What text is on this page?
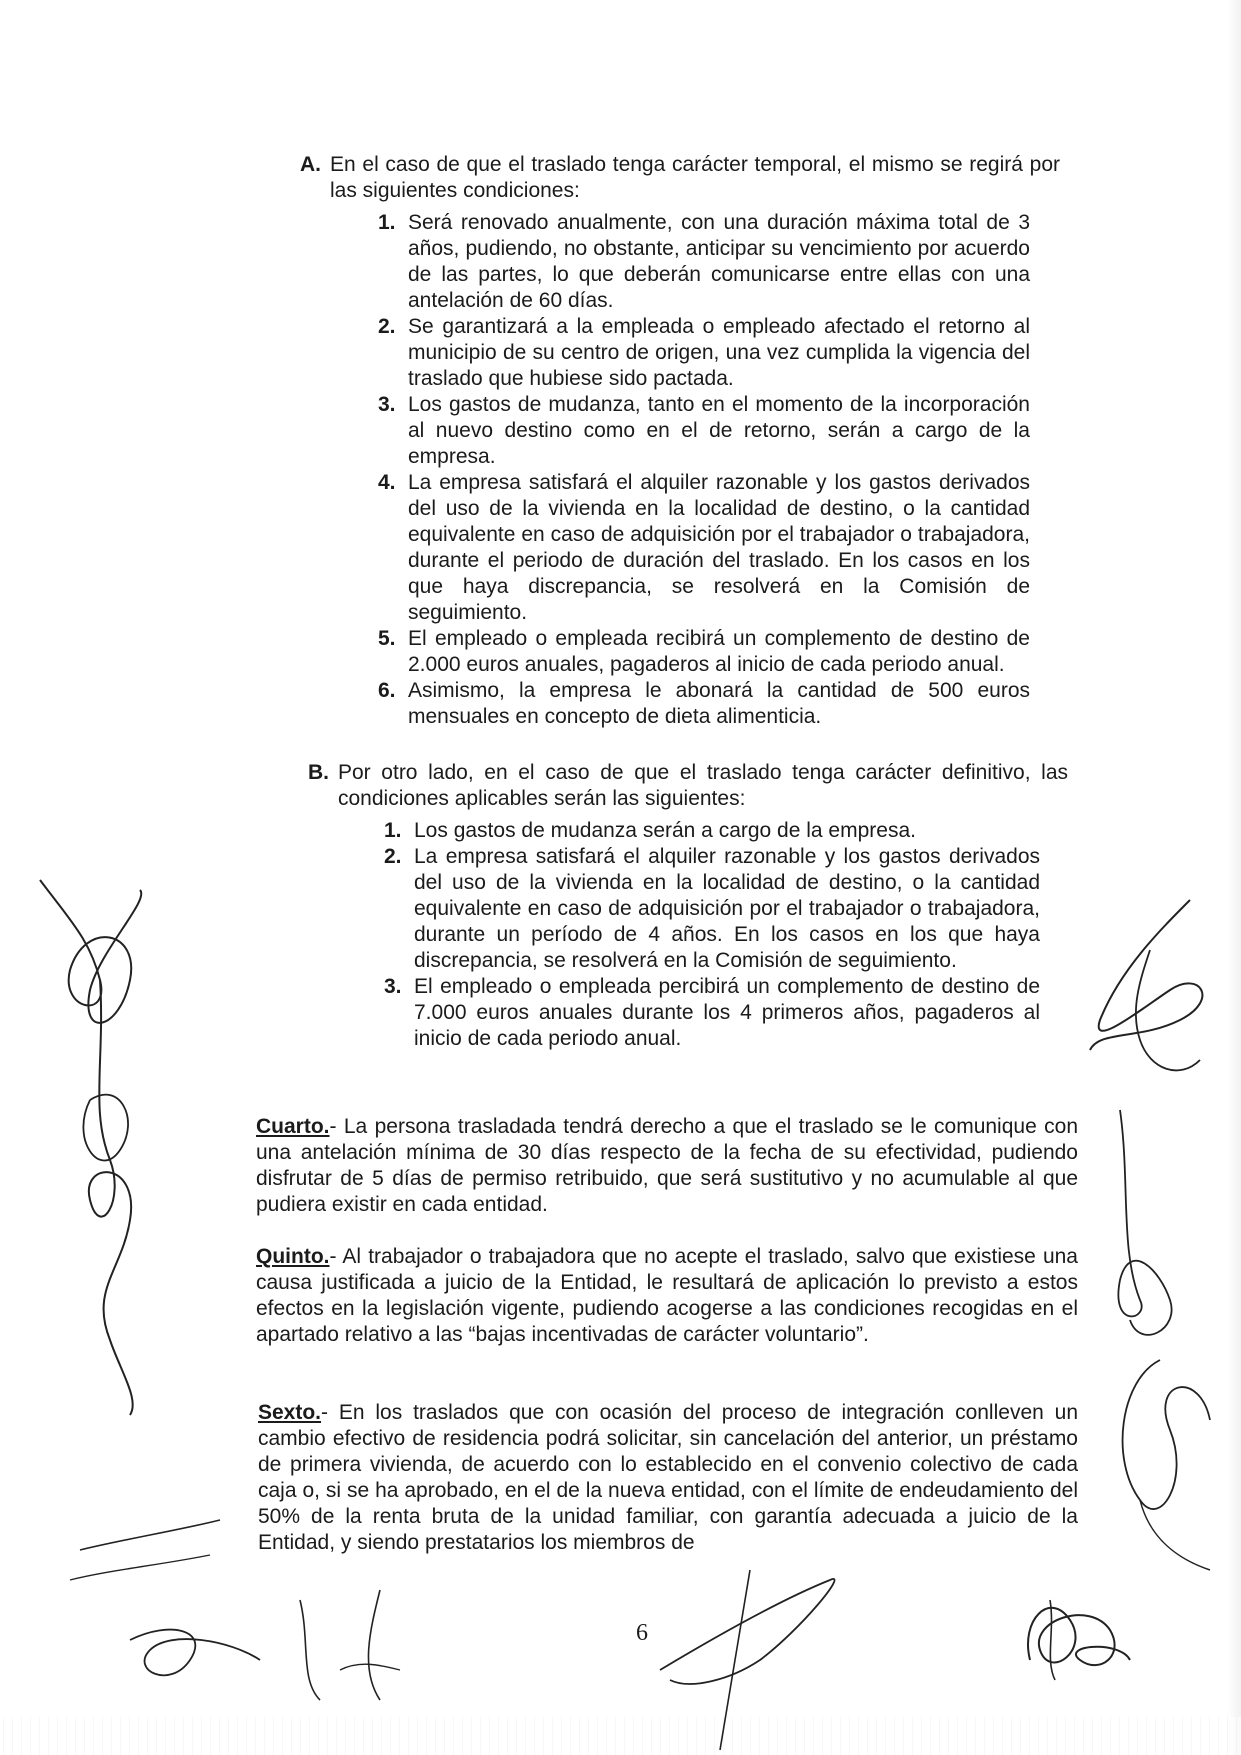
A. En el caso de que el traslado tenga carácter temporal, el mismo se regirá por las siguientes condiciones:
1. Será renovado anualmente, con una duración máxima total de 3 años, pudiendo, no obstante, anticipar su vencimiento por acuerdo de las partes, lo que deberán comunicarse entre ellas con una antelación de 60 días.
2. Se garantizará a la empleada o empleado afectado el retorno al municipio de su centro de origen, una vez cumplida la vigencia del traslado que hubiese sido pactada.
3. Los gastos de mudanza, tanto en el momento de la incorporación al nuevo destino como en el de retorno, serán a cargo de la empresa.
4. La empresa satisfará el alquiler razonable y los gastos derivados del uso de la vivienda en la localidad de destino, o la cantidad equivalente en caso de adquisición por el trabajador o trabajadora, durante el periodo de duración del traslado. En los casos en los que haya discrepancia, se resolverá en la Comisión de seguimiento.
5. El empleado o empleada recibirá un complemento de destino de 2.000 euros anuales, pagaderos al inicio de cada periodo anual.
6. Asimismo, la empresa le abonará la cantidad de 500 euros mensuales en concepto de dieta alimenticia.
B. Por otro lado, en el caso de que el traslado tenga carácter definitivo, las condiciones aplicables serán las siguientes:
1. Los gastos de mudanza serán a cargo de la empresa.
2. La empresa satisfará el alquiler razonable y los gastos derivados del uso de la vivienda en la localidad de destino, o la cantidad equivalente en caso de adquisición por el trabajador o trabajadora, durante un período de 4 años. En los casos en los que haya discrepancia, se resolverá en la Comisión de seguimiento.
3. El empleado o empleada percibirá un complemento de destino de 7.000 euros anuales durante los 4 primeros años, pagaderos al inicio de cada periodo anual.
Cuarto.- La persona trasladada tendrá derecho a que el traslado se le comunique con una antelación mínima de 30 días respecto de la fecha de su efectividad, pudiendo disfrutar de 5 días de permiso retribuido, que será sustitutivo y no acumulable al que pudiera existir en cada entidad.
Quinto.- Al trabajador o trabajadora que no acepte el traslado, salvo que existiese una causa justificada a juicio de la Entidad, le resultará de aplicación lo previsto a estos efectos en la legislación vigente, pudiendo acogerse a las condiciones recogidas en el apartado relativo a las “bajas incentivadas de carácter voluntario”.
Sexto.- En los traslados que con ocasión del proceso de integración conlleven un cambio efectivo de residencia podrá solicitar, sin cancelación del anterior, un préstamo de primera vivienda, de acuerdo con lo establecido en el convenio colectivo de cada caja o, si se ha aprobado, en el de la nueva entidad, con el límite de endeudamiento del 50% de la renta bruta de la unidad familiar, con garantía adecuada a juicio de la Entidad, y siendo prestatarios los miembros de
6
